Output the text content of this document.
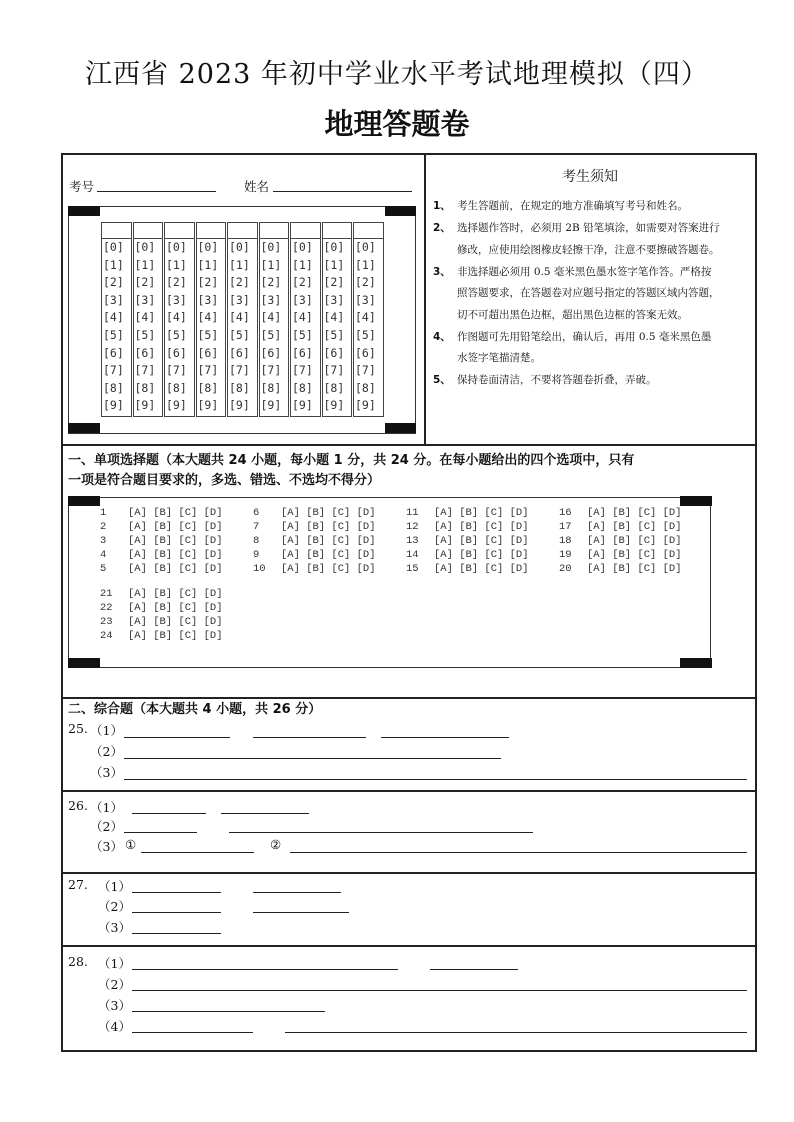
江西省 2023 年初中学业水平考试地理模拟（四）
地理答题卷
考号	姓名
[0]
[1]
[2]
[3]
[4]
[5]
[6]
[7]
[8]
[9]
[0]
[1]
[2]
[3]
[4]
[5]
[6]
[7]
[8]
[9]
[0]
[1]
[2]
[3]
[4]
[5]
[6]
[7]
[8]
[9]
[0]
[1]
[2]
[3]
[4]
[5]
[6]
[7]
[8]
[9]
[0]
[1]
[2]
[3]
[4]
[5]
[6]
[7]
[8]
[9]
[0]
[1]
[2]
[3]
[4]
[5]
[6]
[7]
[8]
[9]
[0]
[1]
[2]
[3]
[4]
[5]
[6]
[7]
[8]
[9]
[0]
[1]
[2]
[3]
[4]
[5]
[6]
[7]
[8]
[9]
[0]
[1]
[2]
[3]
[4]
[5]
[6]
[7]
[8]
[9]
考生须知
1、 考生答题前，在规定的地方准确填写考号和姓名。
2、 选择题作答时，必须用 2B 铅笔填涂，如需要对答案进行
修改，应使用绘图橡皮轻擦干净，注意不要擦破答题卷。
3、 非选择题必须用 0.5 毫米黑色墨水签字笔作答。严格按
照答题要求，在答题卷对应题号指定的答题区域内答题，
切不可超出黑色边框，超出黑色边框的答案无效。
4、 作图题可先用铅笔绘出，确认后，再用 0.5 毫米黑色墨
水签字笔描清楚。
5、 保持卷面清洁，不要将答题卷折叠，弄破。
一、单项选择题（本大题共 24 小题，每小题 1 分，共 24 分。在每小题给出的四个选项中，只有
一项是符合题目要求的，多选、错选、不选均不得分）
1 [A] [B] [C] [D]
2 [A] [B] [C] [D]
3 [A] [B] [C] [D]
4 [A] [B] [C] [D]
5 [A] [B] [C] [D]
6 [A] [B] [C] [D]
7 [A] [B] [C] [D]
8 [A] [B] [C] [D]
9 [A] [B] [C] [D]
10 [A] [B] [C] [D]
11 [A] [B] [C] [D]
12 [A] [B] [C] [D]
13 [A] [B] [C] [D]
14 [A] [B] [C] [D]
15 [A] [B] [C] [D]
16 [A] [B] [C] [D]
17 [A] [B] [C] [D]
18 [A] [B] [C] [D]
19 [A] [B] [C] [D]
20 [A] [B] [C] [D]
21 [A] [B] [C] [D]
22 [A] [B] [C] [D]
23 [A] [B] [C] [D]
24 [A] [B] [C] [D]
二、综合题（本大题共 4 小题，共 26 分）
25. （1）
（2）
（3）
26. （1）
（2）
（3） ①	②
27. （1）
（2）
（3）
28. （1）
（2）
（3）
（4）
